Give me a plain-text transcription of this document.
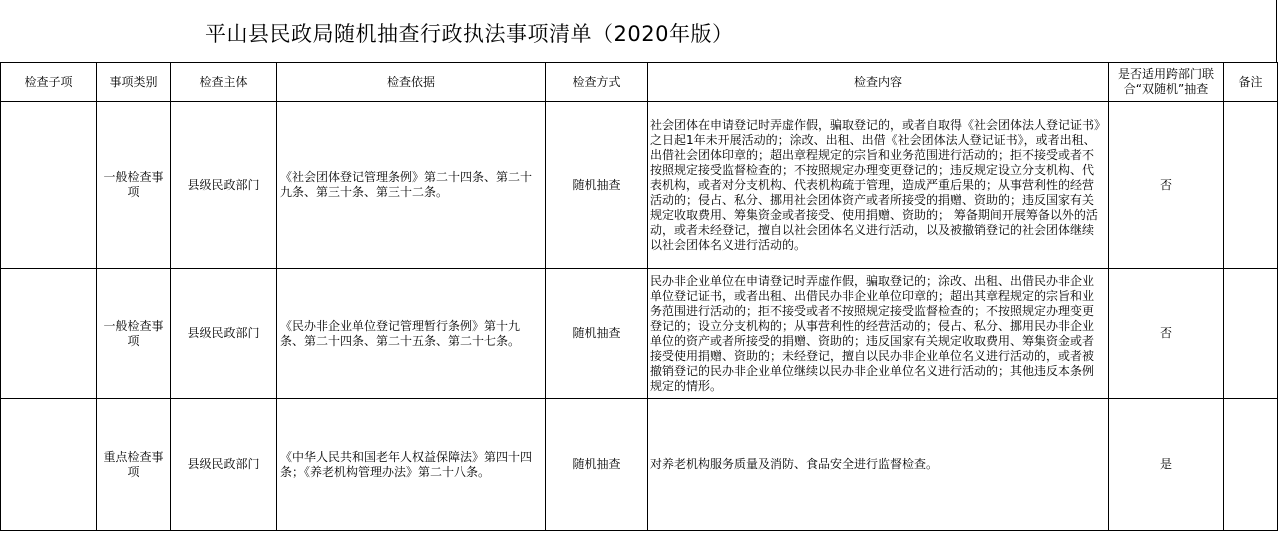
平山县民政局随机抽查行政执法事项清单（2020年版）
检查子项	事项类别	检查主体	检查依据	检查方式	检查内容	是否适用跨部门联合“双随机”抽查	备注
	一般检查事项	县级民政部门	《社会团体登记管理条例》第二十四条、第二十九条、第三十条、第三十二条。	随机抽查	社会团体在申请登记时弄虚作假，骗取登记的，或者自取得《社会团体法人登记证书》之日起1年未开展活动的；涂改、出租、出借《社会团体法人登记证书》，或者出租、出借社会团体印章的；超出章程规定的宗旨和业务范围进行活动的；拒不接受或者不按照规定接受监督检查的；不按照规定办理变更登记的；违反规定设立分支机构、代表机构，或者对分支机构、代表机构疏于管理，造成严重后果的；从事营利性的经营活动的；侵占、私分、挪用社会团体资产或者所接受的捐赠、资助的；违反国家有关规定收取费用、筹集资金或者接受、使用捐赠、资助的； 筹备期间开展筹备以外的活动，或者未经登记，擅自以社会团体名义进行活动，以及被撤销登记的社会团体继续以社会团体名义进行活动的。	否	
	一般检查事项	县级民政部门	《民办非企业单位登记管理暂行条例》第十九条、第二十四条、第二十五条、第二十七条。	随机抽查	民办非企业单位在申请登记时弄虚作假，骗取登记的；涂改、出租、出借民办非企业单位登记证书，或者出租、出借民办非企业单位印章的；超出其章程规定的宗旨和业务范围进行活动的；拒不接受或者不按照规定接受监督检查的；不按照规定办理变更登记的；设立分支机构的；从事营利性的经营活动的；侵占、私分、挪用民办非企业单位的资产或者所接受的捐赠、资助的；违反国家有关规定收取费用、筹集资金或者接受使用捐赠、资助的；未经登记，擅自以民办非企业单位名义进行活动的，或者被撤销登记的民办非企业单位继续以民办非企业单位名义进行活动的；其他违反本条例规定的情形。	否	
	重点检查事项	县级民政部门	《中华人民共和国老年人权益保障法》第四十四条；《养老机构管理办法》第二十八条。	随机抽查	对养老机构服务质量及消防、食品安全进行监督检查。	是	
